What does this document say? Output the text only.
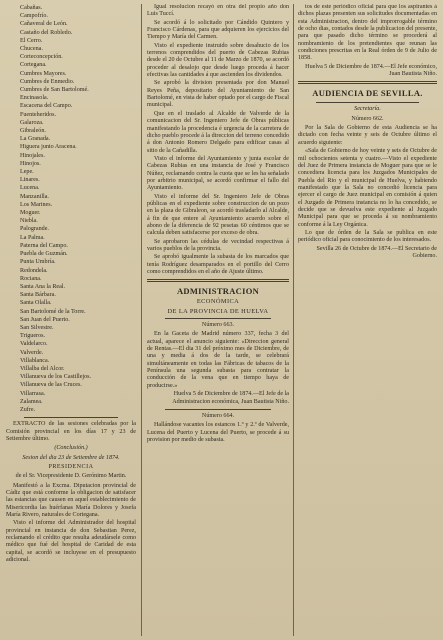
Cabañas.
Campofrío.
Cañaveral de León.
Castaño del Robledo.
El Cerro.
Chucena.
Corteconcepción.
Cortegana.
Cumbres Mayores.
Cumbres de Enmedio.
Cumbres de San Bartolomé.
Encinasola.
Escacena del Campo.
Fuenteheridos.
Galaroza.
Gibraleón.
La Granada.
Higuera junto Aracena.
Hinojales.
Hinojos.
Lepe.
Linares.
Lucena.
Manzanilla.
Los Marines.
Moguer.
Niebla.
Palogrande.
La Palma.
Paterna del Campo.
Puebla de Guzmán.
Punta Umbría.
Redondela.
Rociana.
Santa Ana la Real.
Santa Bárbara.
Santa Olalla.
San Bartolomé de la Torre.
San Juan del Puerto.
San Silvestre.
Trigueros.
Valdelarco.
Valverde.
Villablanca.
Villalba del Alcor.
Villanueva de los Castillejos.
Villanueva de las Cruces.
Villarrasa.
Zalamea.
Zufre.

EXTRACTO de las sesiones celebradas por la Comisión provincial en los días 17 y 23 de Setiembre último.

(Conclusión.)

Sesion del dia 23 de Setiembre de 1874.

PRESIDENCIA

de el Sr. Vicepresidente D. Gerónimo Martin.

Manifestó a la Excma. Diputacion provincial de Cádiz que está conforme la obligacion de satisfacer las estancias que causen en aquel establecimiento de Misericordia las huérfanas María Dolores y Josefa María Rivero, naturales de Cortegana.

Visto el informe del Administrador del hospital provincial en instancia de don Sebastian Perez, reclamando el crédito que resulta adeudársele como médico que fué del hospital de Caridad de esta capital, se acordó se incluyese en el presupuesto adicional.

Igual resolucion recayó en otra del propio año don Luis Tuccí.

Se acordó á lo solicitado por Cándido Quintero y Francisco Cárdenas, para que adquieren los ejercicios del Tiempo y María del Carmen.

Visto el expediente instruido sobre desahucio de los terrenos comprendidos del puerto de Cabezas Rubias desde el 20 de Octubre al 11 de Marzo de 1870, se acordó proceder al desalojo que desde luego proceda á hacer efectivas las cantidades á que ascienden los dividendos.

Se aprobó la division presentada por don Manuel Reyes Peña, depositario del Ayuntamiento de San Bartolomé, en vista de haber optado por el cargo de Fiscal municipal.

Que en el traslado al Alcalde de Valverde de la comunicacion del Sr. Ingeniero Jefe de Obras públicas manifestando la procedencia é urgencia de la carretera de dicho pueblo procede á la direccion del terreno concedido á don Antonio Romero Delgado para edificar casas al sitio de la Cañadilla.

Visto el informe del Ayuntamiento y junta escolar de Cabezas Rubias en una instancia de José y Francisco Núñez, reclamando contra la cuota que se les ha señalado por arbitrio municipal, se acordó confirmar el fallo del Ayuntamiento.

Visto el informe del Sr. Ingeniero Jefe de Obras públicas en el expediente sobre construccion de un pozo en la plaza de Gibraleon, se acordó trasladarlo al Alcalde, á fin de que entere al Ayuntamiento acuerdo sobre el abono de la diferencia de 92 pesetas 60 céntimos que se calcula deben satisfacerse por exceso de obra.

Se aprobaron las cédulas de vecindad respectivas á varios pueblos de la provincia.

Se aprobó igualmente la subasta de los marcados que tenía Rodríguez desamparados en el portillo del Cerro como comprendidos en el año de Ajuste último.

ADMINISTRACION
ECONÓMICA
DE LA PROVINCIA DE HUELVA

Número 663.

En la Gaceta de Madrid número 337, fecha 3 del actual, aparece el anuncio siguiente: «Direccion general de Rentas.—El dia 31 del próximo mes de Diciembre, de una y media á dos de la tarde, se celebrará simultáneamente en todas las Fábricas de tabacos de la Península una segunda subasta para contratar la conducción de la vena que en tiempo haya de producirse.»

Huelva 5 de Diciembre de 1874.—El Jefe de la Administracion económica, Juan Bautista Niño.

Número 664.

Hallándose vacantes los estancos 1.º y 2.º de Valverde, Lucena del Puerto y Lucena del Puerto, se procede á su provision por medio de subasta.

tos de este periódico oficial para que los aspirantes á dichos plazas presenten sus solicitudes documentadas en esta Administracion, dentro del improrrogable término de ocho dias, contados desde la publicacion del presente, para que pasado dicho término se procederá al nombramiento de los pretendientes que reunan las condiciones prescritas en la Real órden de 9 de Julio de 1858.

Huelva 5 de Diciembre de 1874.—El Jefe económico, Juan Bautista Niño.

AUDIENCIA DE SEVILLA.

Secretaría.

Número 662.

Por la Sala de Gobierno de esta Audiencia se ha dictado con fecha veinte y seis de Octubre último el acuerdo siguiente:

«Sala de Gobierno de hoy veinte y seis de Octubre de mil ochocientos setenta y cuatro.—Visto el expediente del Juez de Primera instancia de Moguer para que se le concediera licencia para los Juzgados Municipales de Puebla del Rio y el municipal de Huelva, y habiendo manifestado que la Sala no concedió licencia para ejercer el cargo de Juez municipal en comisión á quien el Juzgado de Primera instancia no lo ha concedido, se decide que se devuelva este expediente al Juzgado Municipal para que se proceda á su nombramiento conforme á la Ley Orgánica.

Lo que de órden de la Sala se publica en este periódico oficial para conocimiento de los interesados.

Sevilla 26 de Octubre de 1874.—El Secretario de Gobierno.
